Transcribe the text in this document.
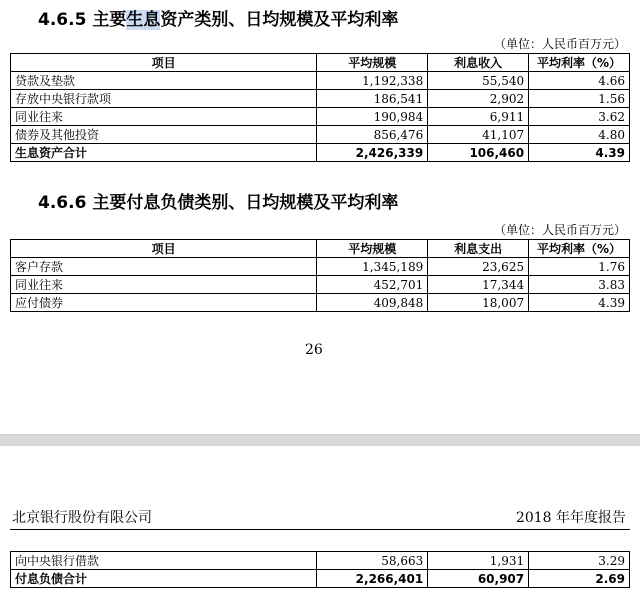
4.6.5 主要生息资产类别、日均规模及平均利率
（单位：人民币百万元）
项目	平均规模	利息收入	平均利率（%）
贷款及垫款	1,192,338	55,540	4.66
存放中央银行款项	186,541	2,902	1.56
同业往来	190,984	6,911	3.62
债券及其他投资	856,476	41,107	4.80
生息资产合计	2,426,339	106,460	4.39
4.6.6 主要付息负债类别、日均规模及平均利率
（单位：人民币百万元）
项目	平均规模	利息支出	平均利率（%）
客户存款	1,345,189	23,625	1.76
同业往来	452,701	17,344	3.83
应付债券	409,848	18,007	4.39
26
北京银行股份有限公司	2018 年年度报告
向中央银行借款	58,663	1,931	3.29
付息负债合计	2,266,401	60,907	2.69
